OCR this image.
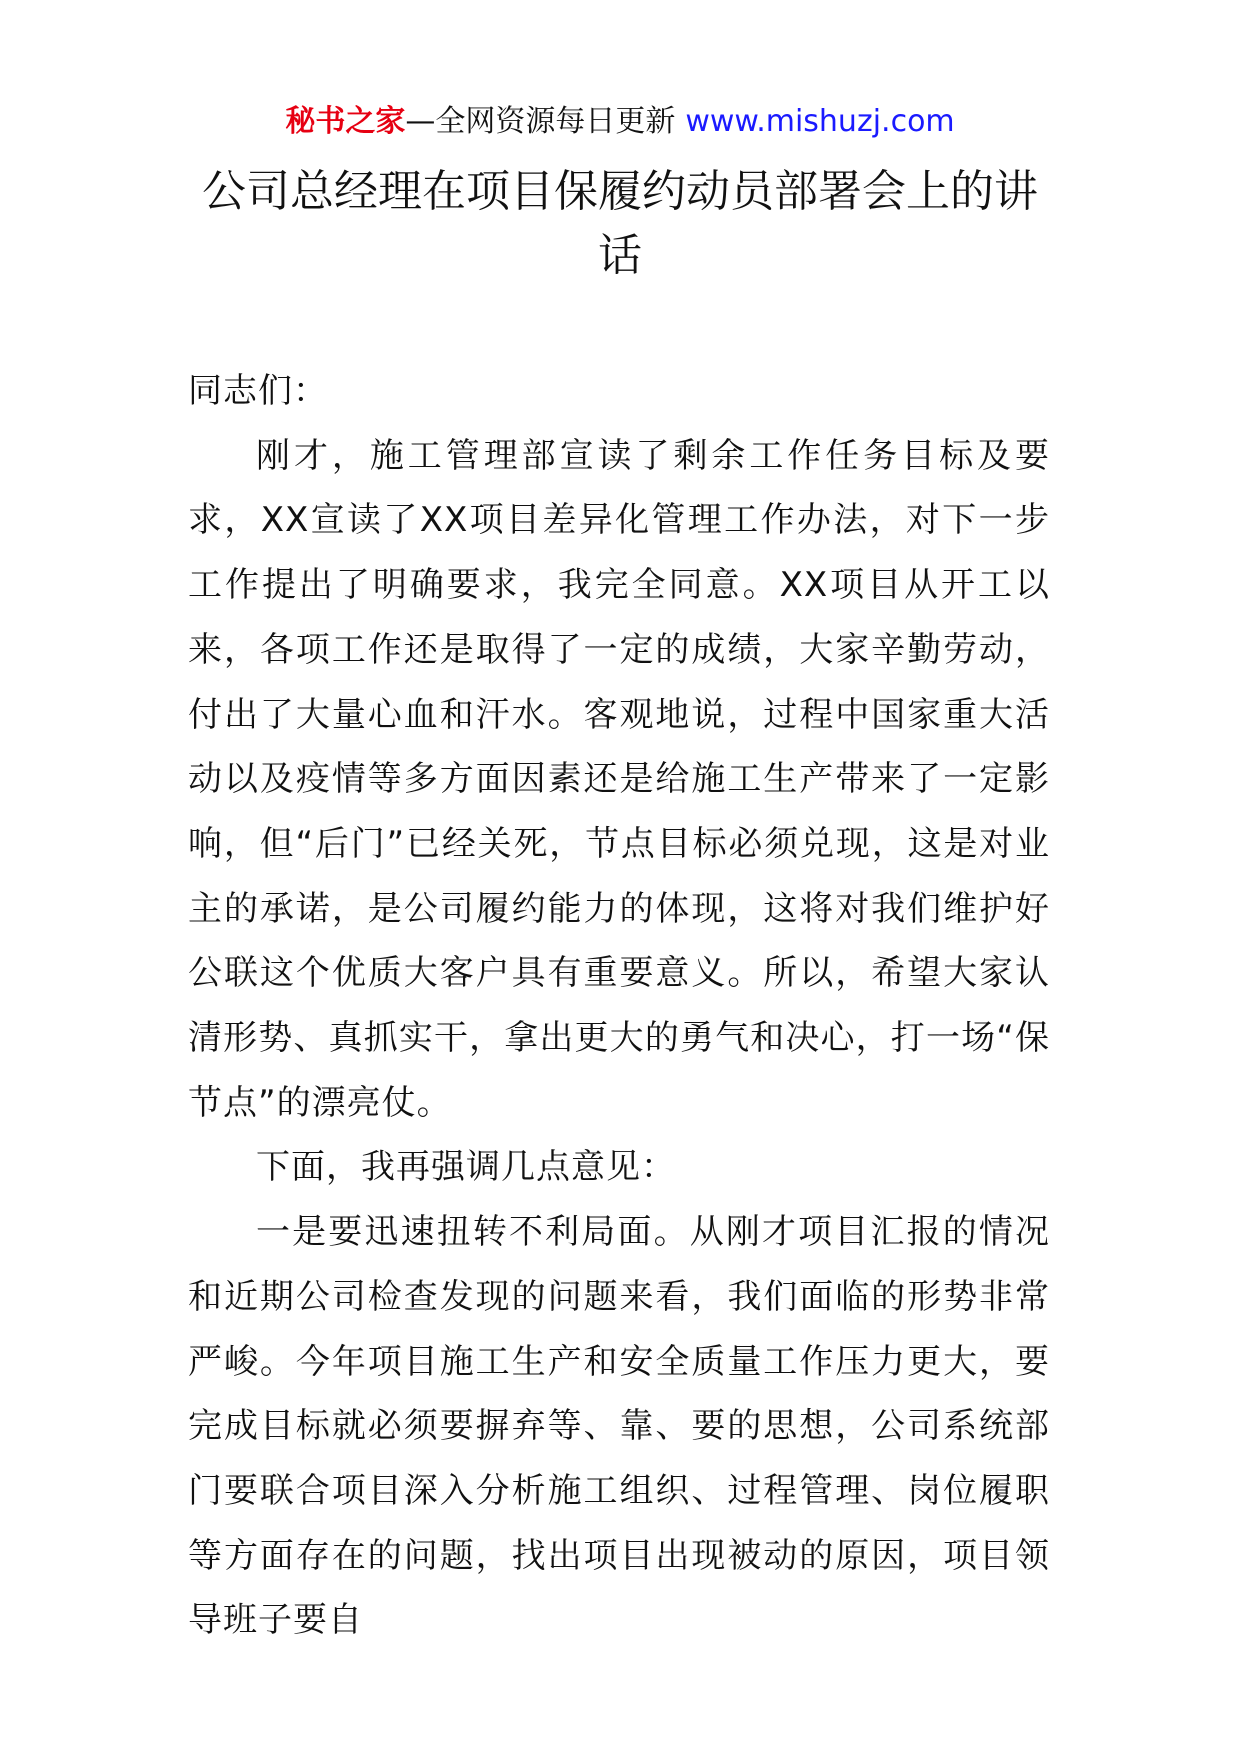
秘书之家—全网资源每日更新 www.mishuzj.com
公司总经理在项目保履约动员部署会上的讲话

同志们：

刚才，施工管理部宣读了剩余工作任务目标及要求，XX宣读了XX项目差异化管理工作办法，对下一步工作提出了明确要求，我完全同意。XX项目从开工以来，各项工作还是取得了一定的成绩，大家辛勤劳动，付出了大量心血和汗水。客观地说，过程中国家重大活动以及疫情等多方面因素还是给施工生产带来了一定影响，但“后门”已经关死，节点目标必须兑现，这是对业主的承诺，是公司履约能力的体现，这将对我们维护好公联这个优质大客户具有重要意义。所以，希望大家认清形势、真抓实干，拿出更大的勇气和决心，打一场“保节点”的漂亮仗。

下面，我再强调几点意见：

一是要迅速扭转不利局面。从刚才项目汇报的情况和近期公司检查发现的问题来看，我们面临的形势非常严峻。今年项目施工生产和安全质量工作压力更大，要完成目标就必须要摒弃等、靠、要的思想，公司系统部门要联合项目深入分析施工组织、过程管理、岗位履职等方面存在的问题，找出项目出现被动的原因，项目领导班子要自
